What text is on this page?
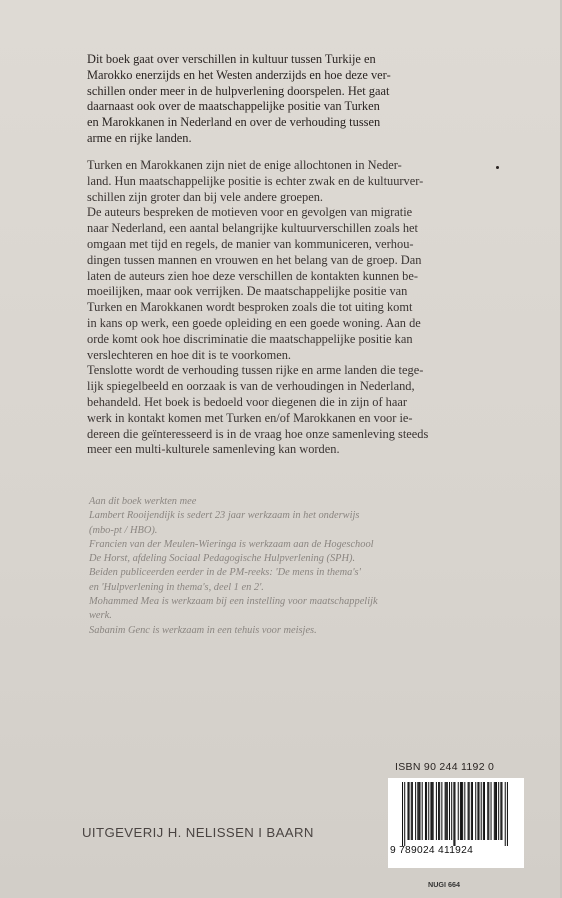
Dit boek gaat over verschillen in kultuur tussen Turkije en
Marokko enerzijds en het Westen anderzijds en hoe deze ver-
schillen onder meer in de hulpverlening doorspelen. Het gaat
daarnaast ook over de maatschappelijke positie van Turken
en Marokkanen in Nederland en over de verhouding tussen
arme en rijke landen.
Turken en Marokkanen zijn niet de enige allochtonen in Neder-
land. Hun maatschappelijke positie is echter zwak en de kultuurver-
schillen zijn groter dan bij vele andere groepen.
De auteurs bespreken de motieven voor en gevolgen van migratie
naar Nederland, een aantal belangrijke kultuurverschillen zoals het
omgaan met tijd en regels, de manier van kommuniceren, verhou-
dingen tussen mannen en vrouwen en het belang van de groep. Dan
laten de auteurs zien hoe deze verschillen de kontakten kunnen be-
moeilijken, maar ook verrijken. De maatschappelijke positie van
Turken en Marokkanen wordt besproken zoals die tot uiting komt
in kans op werk, een goede opleiding en een goede woning. Aan de
orde komt ook hoe discriminatie die maatschappelijke positie kan
verslechteren en hoe dit is te voorkomen.
Tenslotte wordt de verhouding tussen rijke en arme landen die tege-
lijk spiegelbeeld en oorzaak is van de verhoudingen in Nederland,
behandeld. Het boek is bedoeld voor diegenen die in zijn of haar
werk in kontakt komen met Turken en/of Marokkanen en voor ie-
dereen die geïnteresseerd is in de vraag hoe onze samenleving steeds
meer een multi-kulturele samenleving kan worden.
Aan dit boek werkten mee
Lambert Rooijendijk is sedert 23 jaar werkzaam in het onderwijs
(mbo-pt / HBO).
Francien van der Meulen-Wieringa is werkzaam aan de Hogeschool
De Horst, afdeling Sociaal Pedagogische Hulpverlening (SPH).
Beiden publiceerden eerder in de PM-reeks: 'De mens in thema's'
en 'Hulpverlening in thema's, deel 1 en 2'.
Mohammed Mea is werkzaam bij een instelling voor maatschappelijk
werk.
Sabanim Genc is werkzaam in een tehuis voor meisjes.
ISBN 90 244 1192 0
9 789024 411924
NUGI 664
UITGEVERIJ H. NELISSEN I BAARN
